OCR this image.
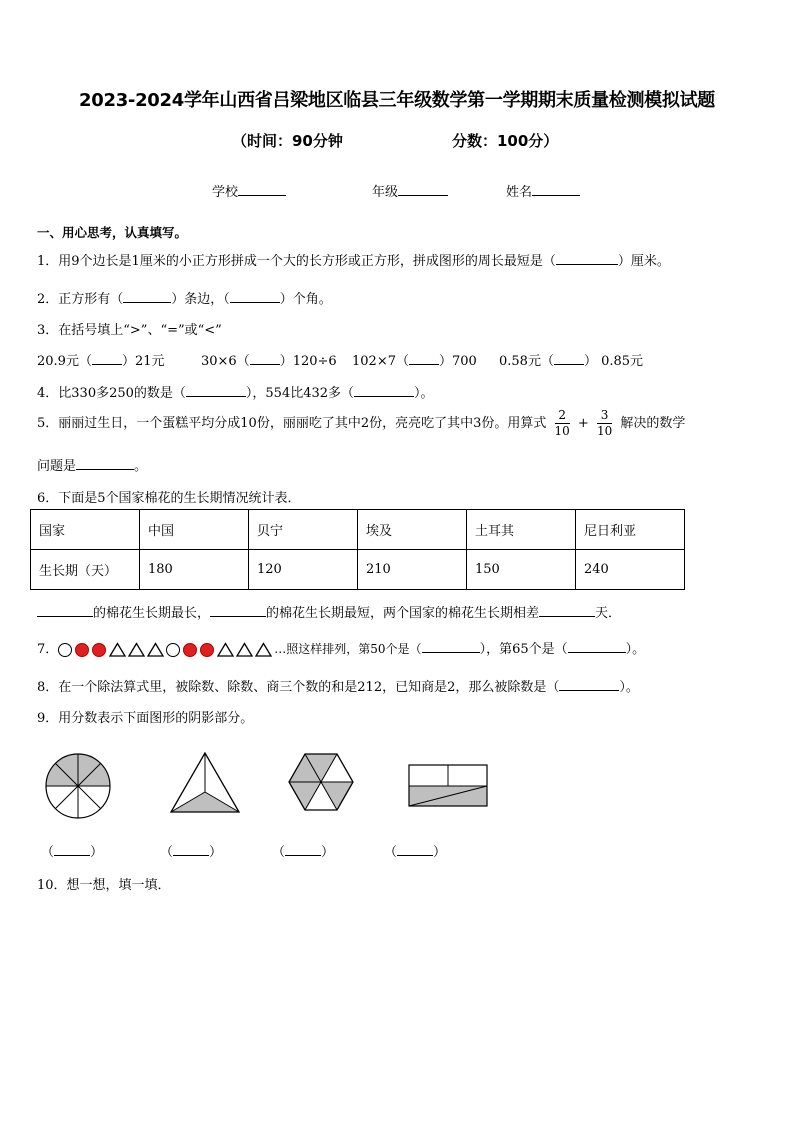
2023-2024学年山西省吕梁地区临县三年级数学第一学期期末质量检测模拟试题
（时间：90分钟	分数：100分）
学校	年级	姓名
一、用心思考，认真填写。
1．用9个边长是1厘米的小正方形拼成一个大的长方形或正方形，拼成图形的周长最短是（	）厘米。
2．正方形有（	）条边，（	）个角。
3．在括号填上“>”、“=”或“<”
20.9元（ ）21元	30×6（ ）120÷6 102×7（ ）700 0.58元（ ） 0.85元
4．比330多250的数是（	），554比432多（	）。
5．丽丽过生日，一个蛋糕平均分成10份，丽丽吃了其中2份，亮亮吃了其中3份。用算式 $\frac{2}{10} + \frac{3}{10}$ 解决的数学
问题是	。
6．下面是5个国家棉花的生长期情况统计表．
国家	中国	贝宁	埃及	土耳其	尼日利亚
生长期（天）	180	120	210	150	240
的棉花生长期最长，	的棉花生长期最短，两个国家的棉花生长期相差	天．
7．	…照这样排列，第50个是（	），第65个是（	）。
8．在一个除法算式里，被除数、除数、商三个数的和是212，已知商是2，那么被除数是（	）。
9．用分数表示下面图形的阴影部分。
（	）	（	）	（	）	（	）
10．想一想，填一填．
